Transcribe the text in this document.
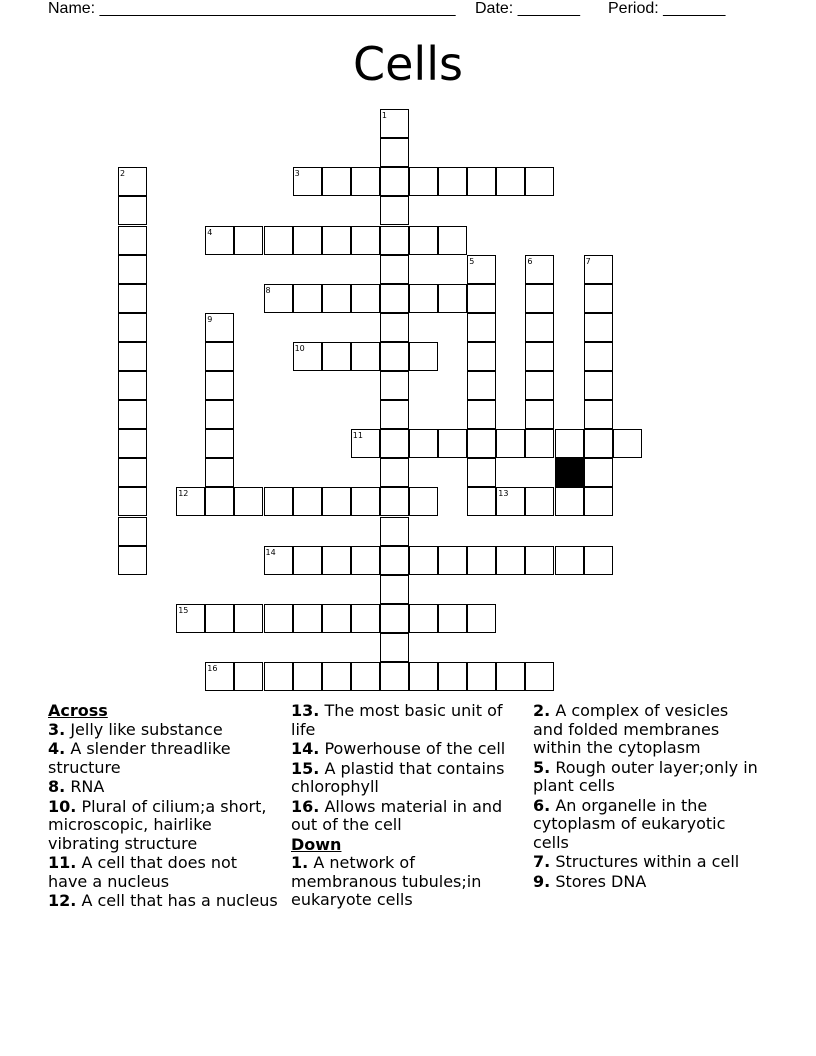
Name: ________________________________________ Date: _______ Period: _______
Cells
3
4
8
10
11
12	13
14
15
16
1
2
5	6	7
9
Across
3. Jelly like substance
4. A slender threadlike structure
8. RNA
10. Plural of cilium;a short, microscopic, hairlike vibrating structure
11. A cell that does not have a nucleus
12. A cell that has a nucleus
13. The most basic unit of life
14. Powerhouse of the cell
15. A plastid that contains chlorophyll
16. Allows material in and out of the cell
Down
1. A network of membranous tubules;in eukaryote cells
2. A complex of vesicles and folded membranes within the cytoplasm
5. Rough outer layer;only in plant cells
6. An organelle in the cytoplasm of eukaryotic cells
7. Structures within a cell
9. Stores DNA
